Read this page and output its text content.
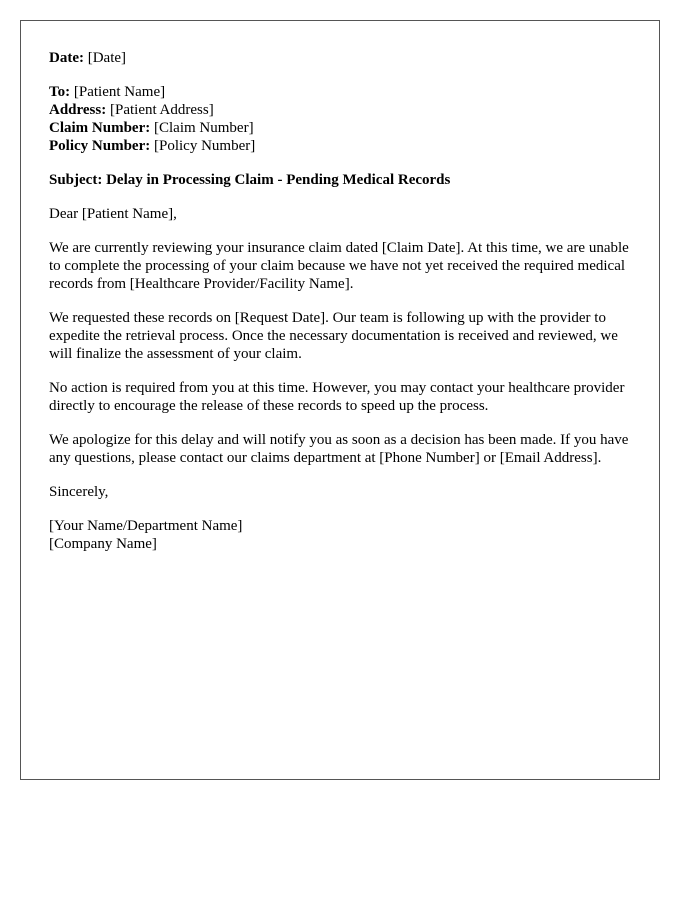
Date: [Date]
To: [Patient Name]
Address: [Patient Address]
Claim Number: [Claim Number]
Policy Number: [Policy Number]

Subject: Delay in Processing Claim - Pending Medical Records

Dear [Patient Name],

We are currently reviewing your insurance claim dated [Claim Date]. At this time, we are unable to complete the processing of your claim because we have not yet received the required medical records from [Healthcare Provider/Facility Name].

We requested these records on [Request Date]. Our team is following up with the provider to expedite the retrieval process. Once the necessary documentation is received and reviewed, we will finalize the assessment of your claim.

No action is required from you at this time. However, you may contact your healthcare provider directly to encourage the release of these records to speed up the process.

We apologize for this delay and will notify you as soon as a decision has been made. If you have any questions, please contact our claims department at [Phone Number] or [Email Address].

Sincerely,

[Your Name/Department Name]
[Company Name]
